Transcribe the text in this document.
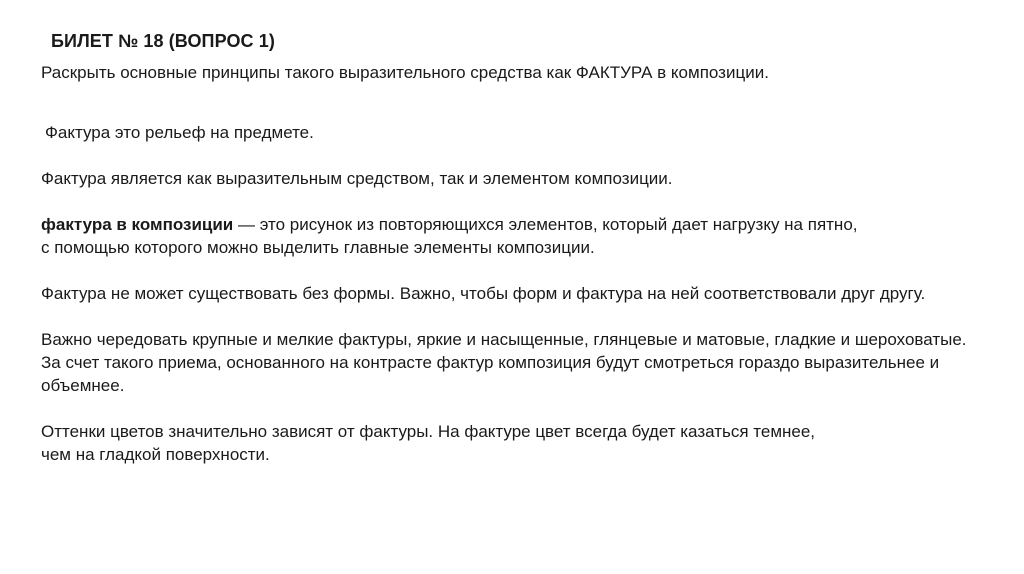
БИЛЕТ № 18 (ВОПРОС 1)
Раскрыть основные принципы такого выразительного средства как ФАКТУРА в композиции.

Фактура это рельеф на предмете.

Фактура является как выразительным средством, так и элементом композиции.

фактура в композиции — это рисунок из повторяющихся элементов, который дает нагрузку на пятно,

с помощью которого можно выделить главные элементы композиции.

Фактура не может существовать без формы. Важно, чтобы форм и фактура на ней соответствовали друг другу.

Важно чередовать крупные и мелкие фактуры, яркие и насыщенные, глянцевые и матовые, гладкие и шероховатые.

За счет такого приема, основанного на контрасте фактур композиция будут смотреться гораздо выразительнее и

объемнее.

Оттенки цветов значительно зависят от фактуры. На фактуре цвет всегда будет казаться темнее,

чем на гладкой поверхности.
